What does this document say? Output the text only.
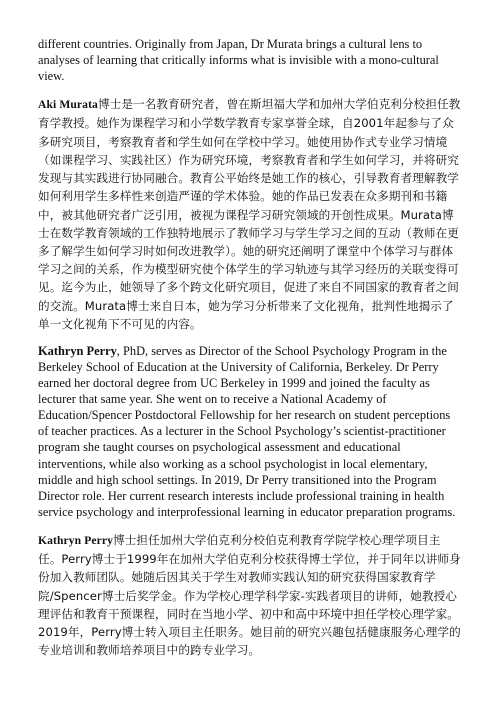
different countries. Originally from Japan, Dr Murata brings a cultural lens to analyses of learning that critically informs what is invisible with a mono-cultural view.

Aki Murata博士是一名教育研究者，曾在斯坦福大学和加州大学伯克利分校担任教育学教授。她作为课程学习和小学数学教育专家享誉全球，自2001年起参与了众多研究项目，考察教育者和学生如何在学校中学习。她使用协作式专业学习情境（如课程学习、实践社区）作为研究环境，考察教育者和学生如何学习，并将研究发现与其实践进行协同融合。教育公平始终是她工作的核心，引导教育者理解教学如何利用学生多样性来创造严谨的学术体验。她的作品已发表在众多期刊和书籍中，被其他研究者广泛引用，被视为课程学习研究领域的开创性成果。Murata博士在数学教育领域的工作独特地展示了教师学习与学生学习之间的互动（教师在更多了解学生如何学习时如何改进教学）。她的研究还阐明了课堂中个体学习与群体学习之间的关系，作为模型研究使个体学生的学习轨迹与其学习经历的关联变得可见。迄今为止，她领导了多个跨文化研究项目，促进了来自不同国家的教育者之间的交流。Murata博士来自日本，她为学习分析带来了文化视角，批判性地揭示了单一文化视角下不可见的内容。

Kathryn Perry, PhD, serves as Director of the School Psychology Program in the Berkeley School of Education at the University of California, Berkeley. Dr Perry earned her doctoral degree from UC Berkeley in 1999 and joined the faculty as lecturer that same year. She went on to receive a National Academy of Education/Spencer Postdoctoral Fellowship for her research on student perceptions of teacher practices. As a lecturer in the School Psychology’s scientist-practitioner program she taught courses on psychological assessment and educational interventions, while also working as a school psychologist in local elementary, middle and high school settings. In 2019, Dr Perry transitioned into the Program Director role. Her current research interests include professional training in health service psychology and interprofessional learning in educator preparation programs.

Kathryn Perry博士担任加州大学伯克利分校伯克利教育学院学校心理学项目主任。Perry博士于1999年在加州大学伯克利分校获得博士学位，并于同年以讲师身份加入教师团队。她随后因其关于学生对教师实践认知的研究获得国家教育学院/Spencer博士后奖学金。作为学校心理学科学家-实践者项目的讲师，她教授心理评估和教育干预课程，同时在当地小学、初中和高中环境中担任学校心理学家。2019年，Perry博士转入项目主任职务。她目前的研究兴趣包括健康服务心理学的专业培训和教师培养项目中的跨专业学习。
